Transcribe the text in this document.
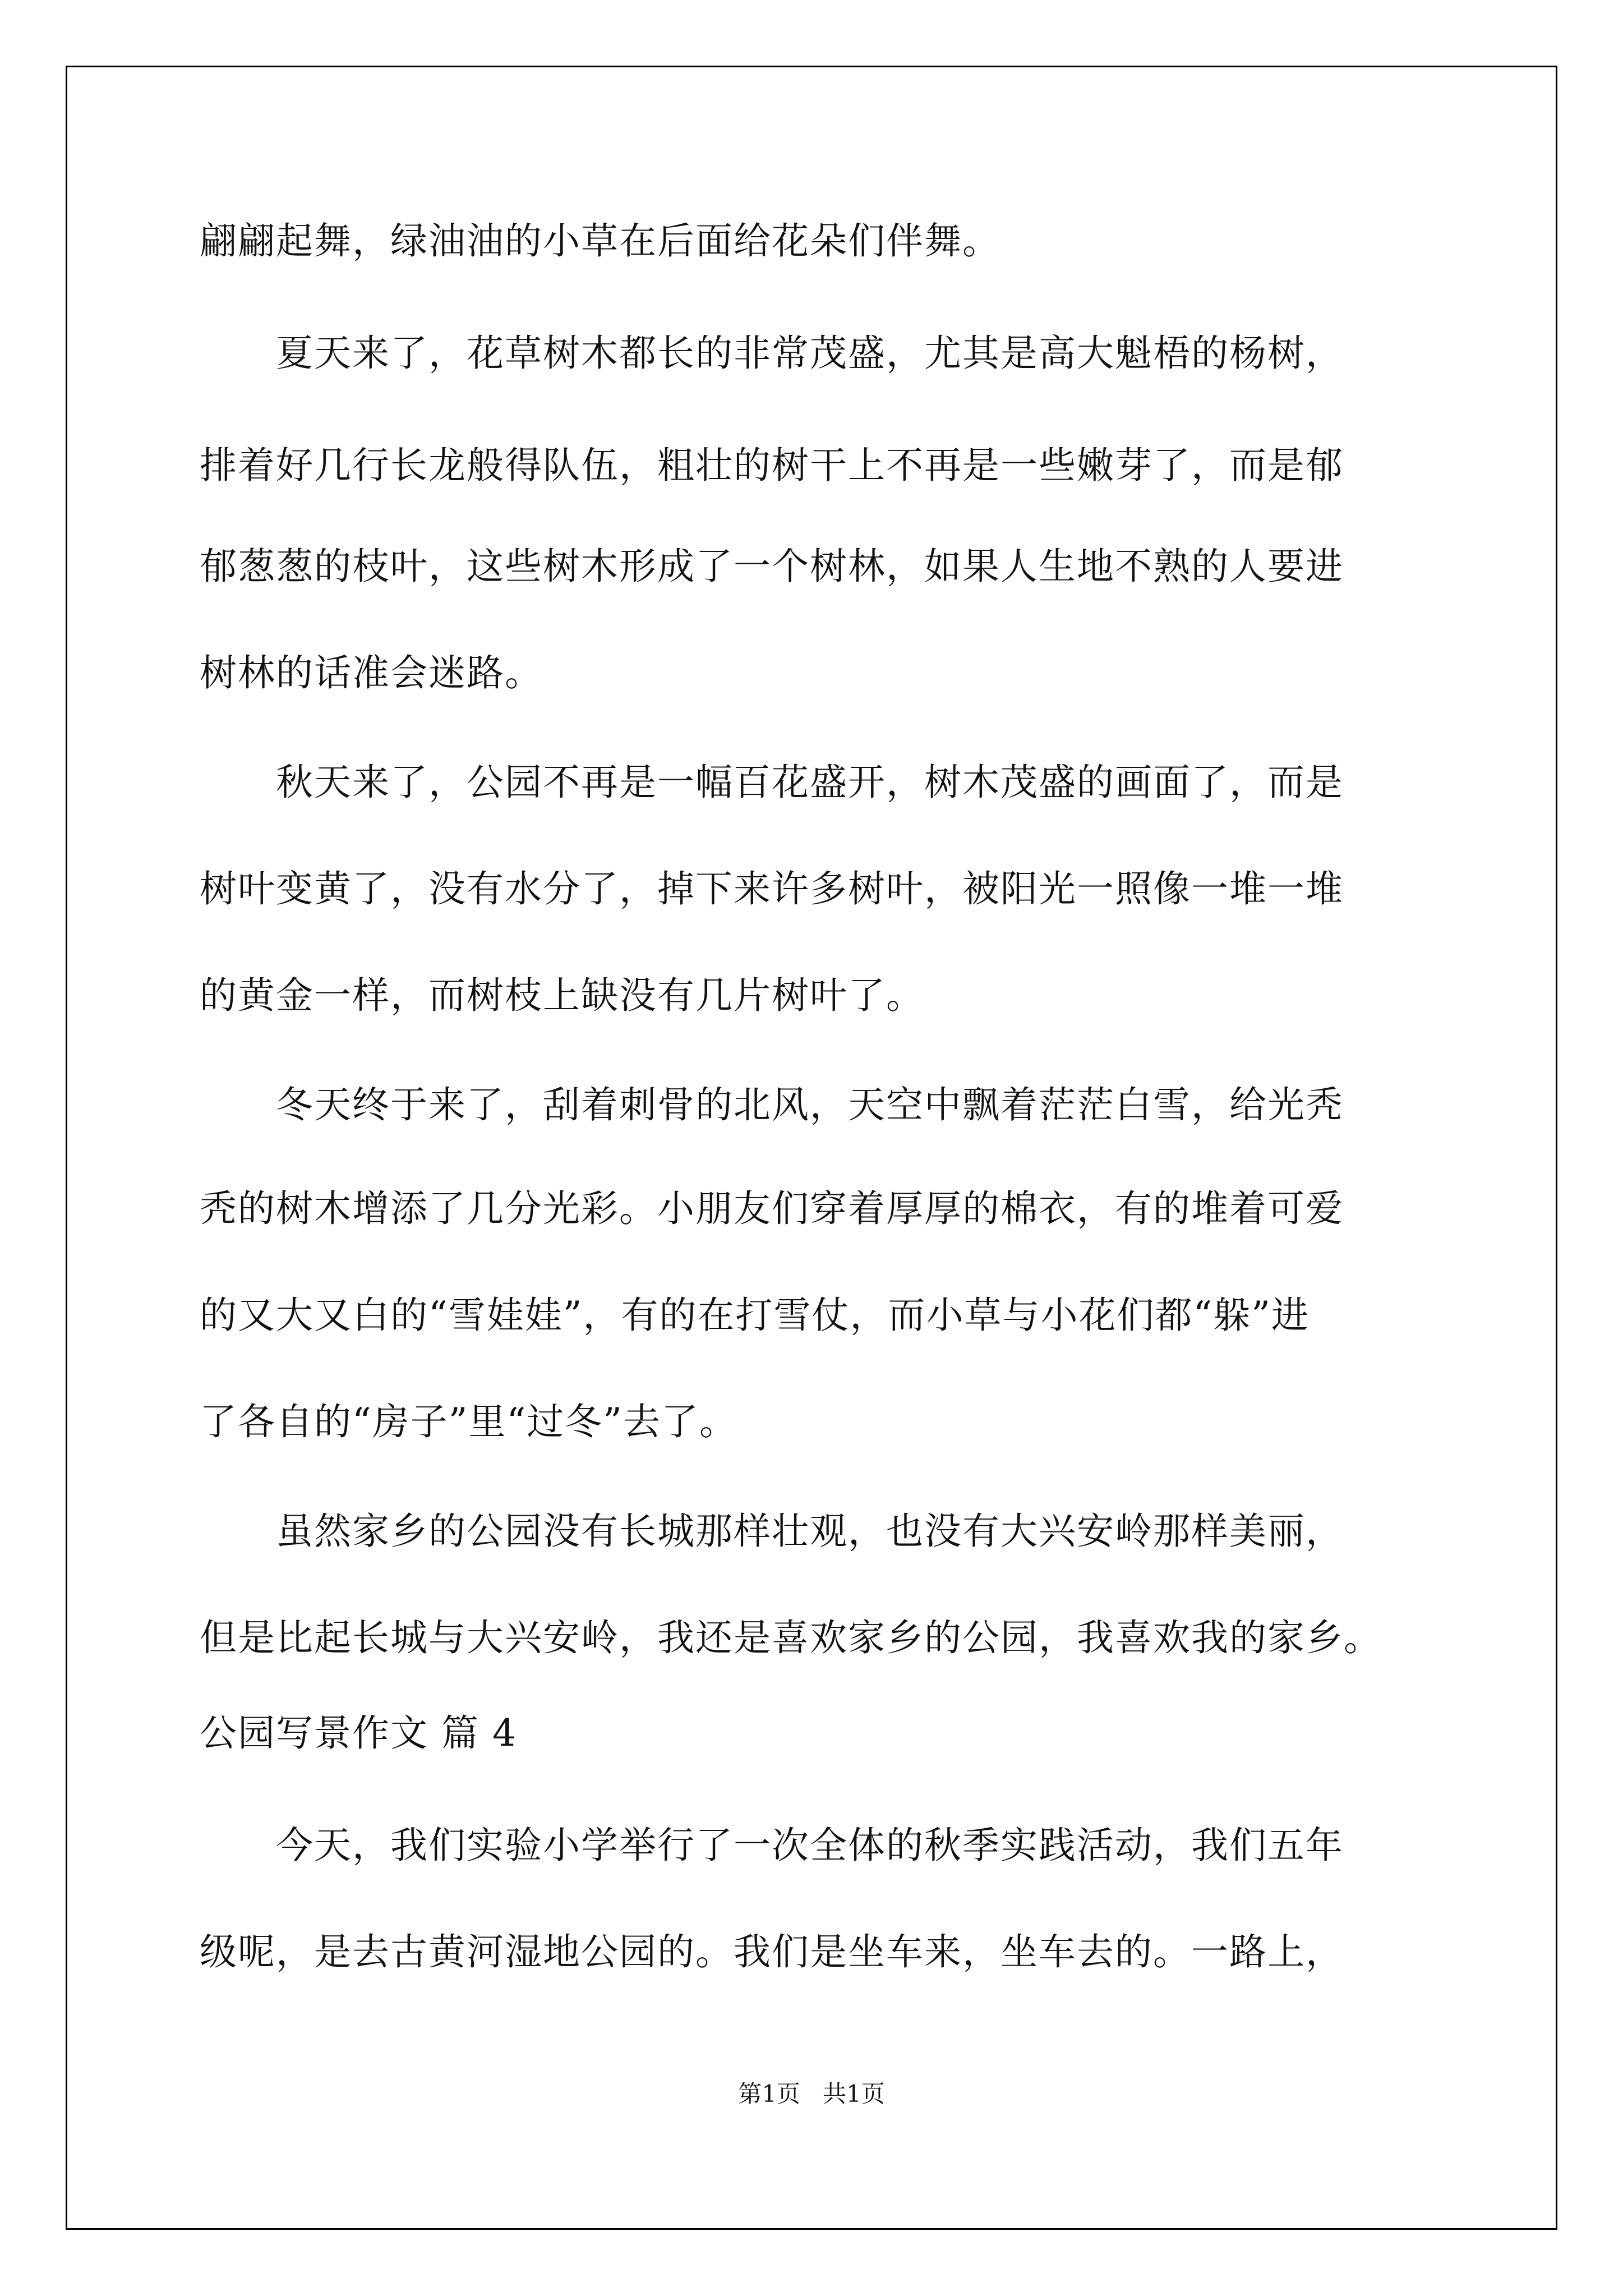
翩翩起舞，绿油油的小草在后面给花朵们伴舞。
　　夏天来了，花草树木都长的非常茂盛，尤其是高大魁梧的杨树，
排着好几行长龙般得队伍，粗壮的树干上不再是一些嫩芽了，而是郁
郁葱葱的枝叶，这些树木形成了一个树林，如果人生地不熟的人要进
树林的话准会迷路。
　　秋天来了，公园不再是一幅百花盛开，树木茂盛的画面了，而是
树叶变黄了，没有水分了，掉下来许多树叶，被阳光一照像一堆一堆
的黄金一样，而树枝上缺没有几片树叶了。
　　冬天终于来了，刮着刺骨的北风，天空中飘着茫茫白雪，给光秃
秃的树木增添了几分光彩。小朋友们穿着厚厚的棉衣，有的堆着可爱
的又大又白的“雪娃娃”，有的在打雪仗，而小草与小花们都“躲”进
了各自的“房子”里“过冬”去了。
　　虽然家乡的公园没有长城那样壮观，也没有大兴安岭那样美丽，
但是比起长城与大兴安岭，我还是喜欢家乡的公园，我喜欢我的家乡。
公园写景作文 篇 4
　　今天，我们实验小学举行了一次全体的秋季实践活动，我们五年
级呢，是去古黄河湿地公园的。我们是坐车来，坐车去的。一路上，
第1页   共1页
